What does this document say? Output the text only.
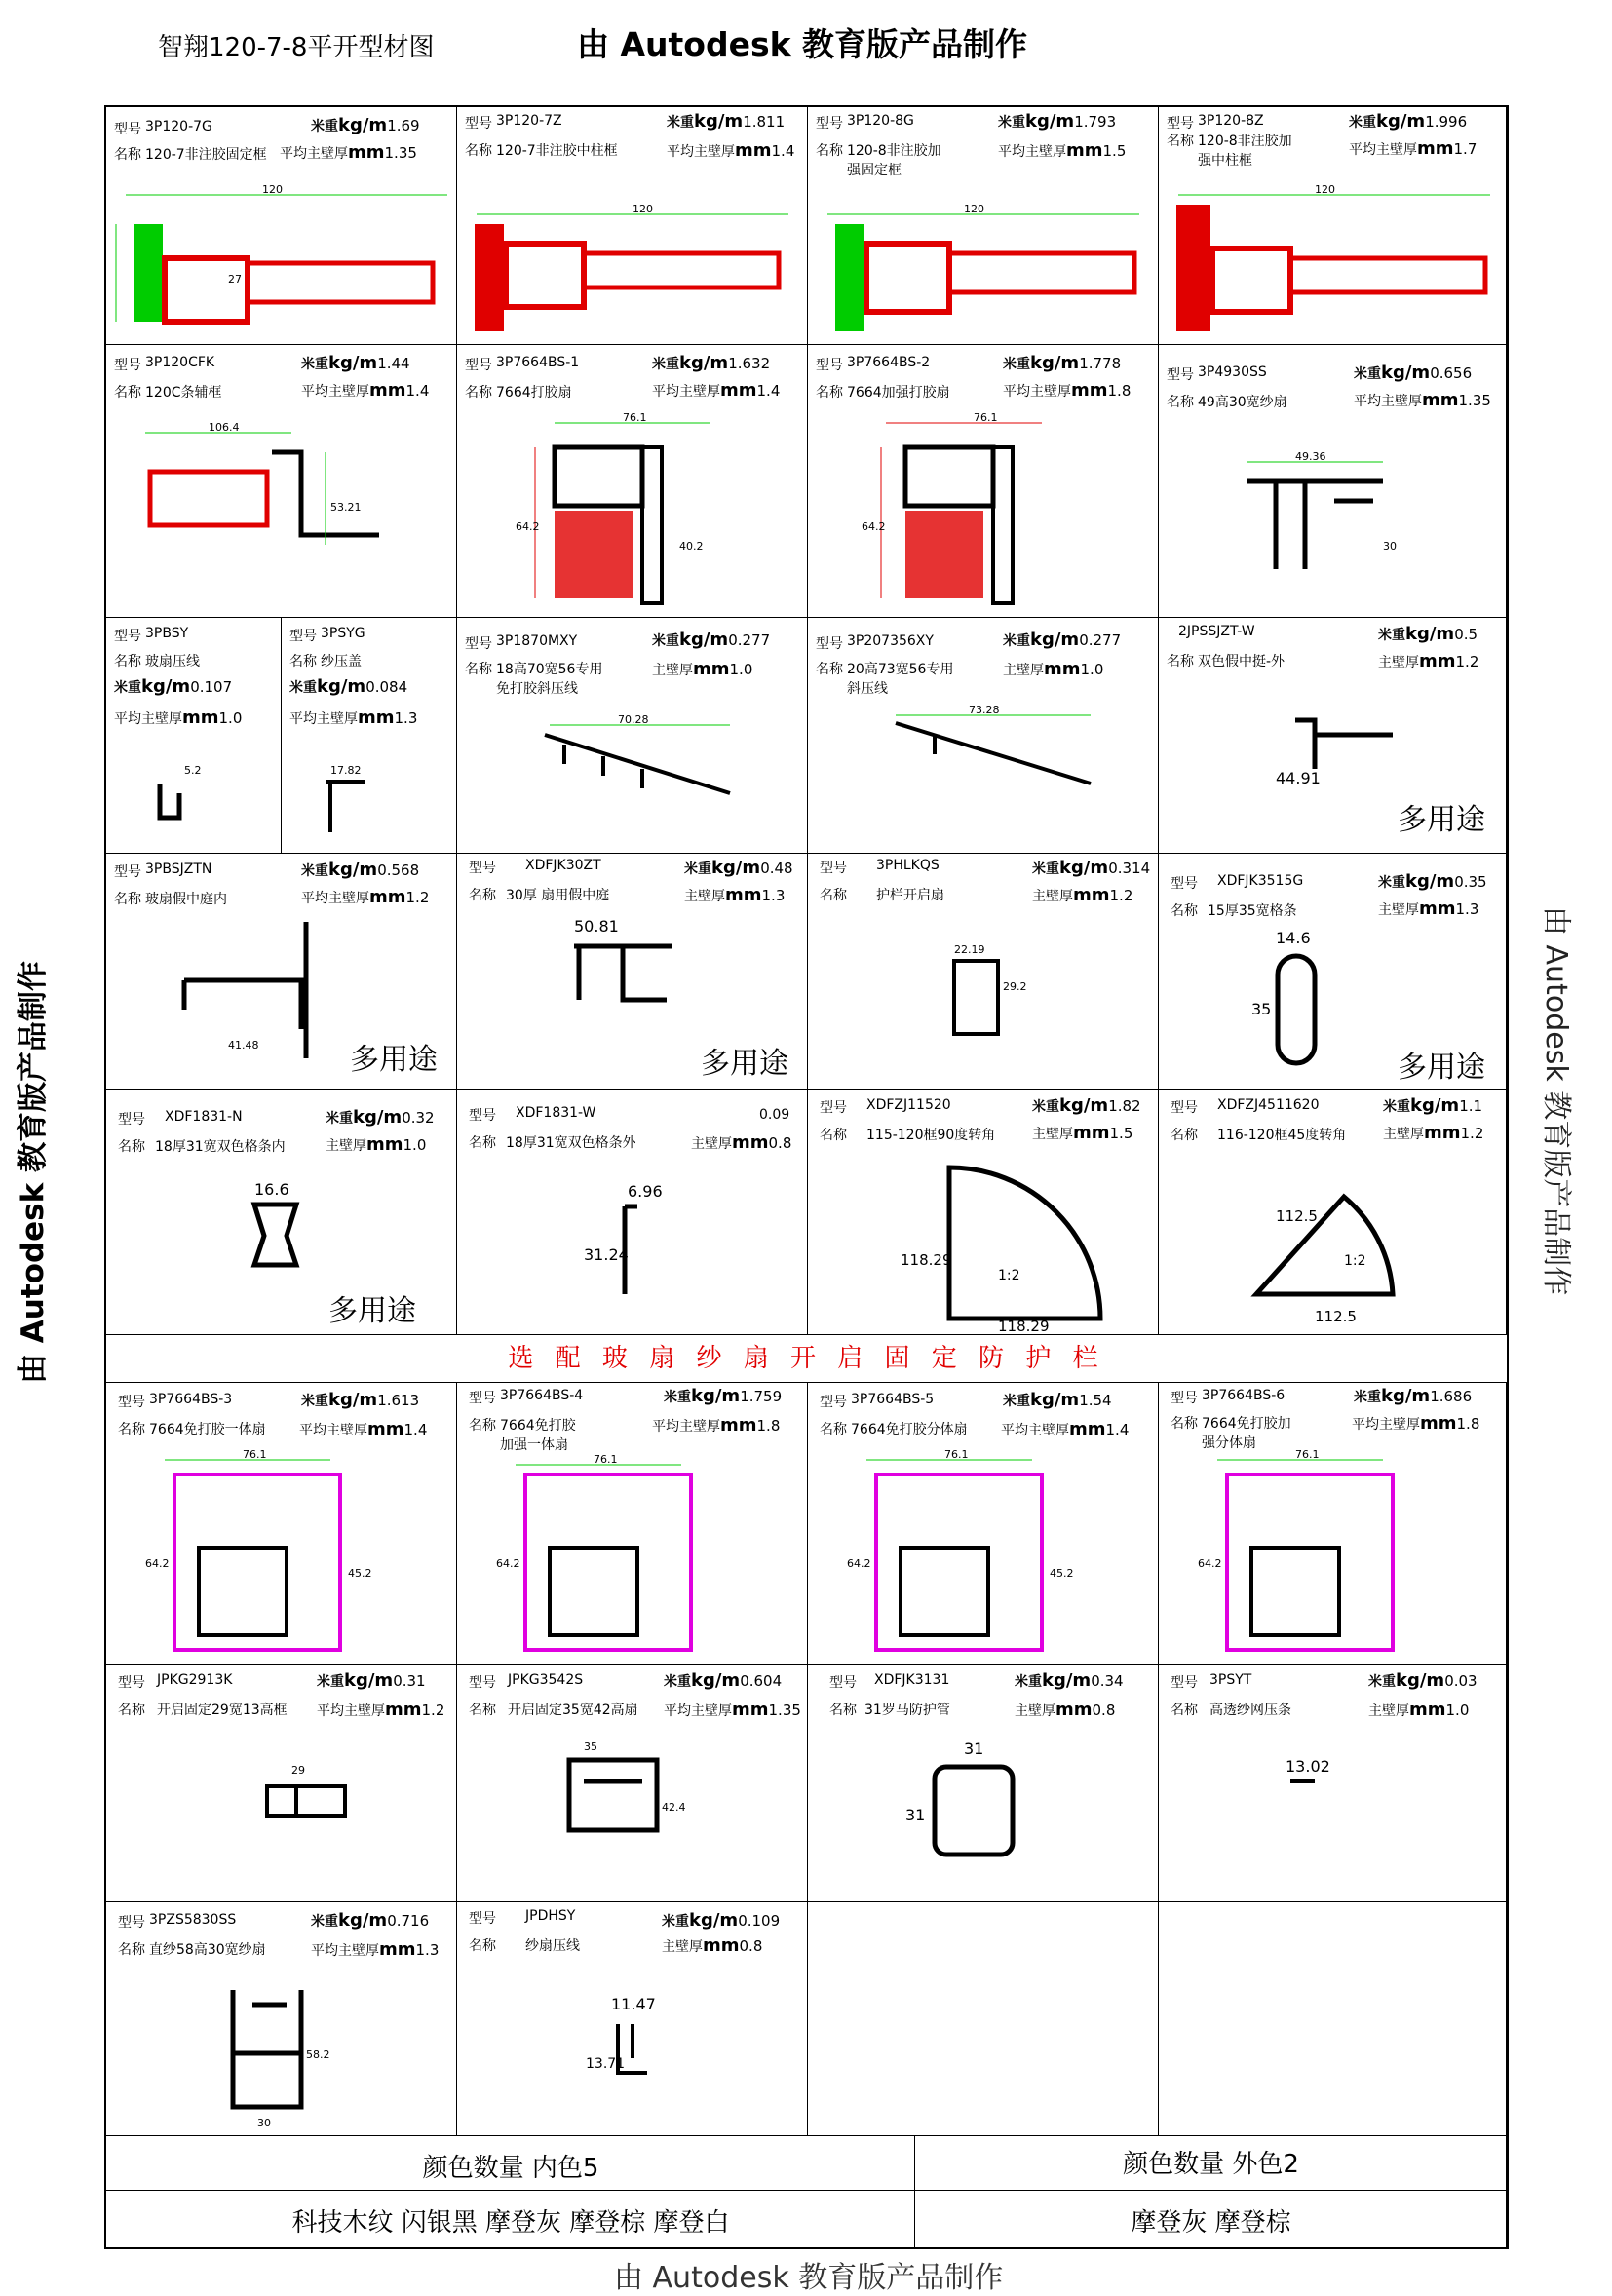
智翔120-7-8平开型材图	由 Autodesk 教育版产品制作
由 Autodesk 教育版产品制作	由 Autodesk 教育版产品制作
由 Autodesk 教育版产品制作
型号 3P120-7G
名称 120-7非注胶固定框
米重kg/m1.69
平均主壁厚mm1.35
120
27
型号 3P120-7Z
名称 120-7非注胶中柱框
米重kg/m1.811
平均主壁厚mm1.4
120
型号 3P120-8G
名称 120-8非注胶加强固定框
米重kg/m1.793
平均主壁厚mm1.5
120
型号 3P120-8Z
名称 120-8非注胶加强中柱框
米重kg/m1.996
平均主壁厚mm1.7
120
型号 3P120CFK
名称 120C条辅框
米重kg/m1.44
平均主壁厚mm1.4
106.4
53.21
型号 3P7664BS-1
名称 7664打胶扇
米重kg/m1.632
平均主壁厚mm1.4
76.1
64.2
40.2
型号 3P7664BS-2
名称 7664加强打胶扇
米重kg/m1.778
平均主壁厚mm1.8
76.1
64.2
型号 3P4930SS
名称 49高30宽纱扇
米重kg/m0.656
平均主壁厚mm1.35
49.36
30
型号 3PBSY
名称 玻扇压线
米重kg/m0.107
平均主壁厚mm1.0
5.2
型号 3PSYG
名称 纱压盖
米重kg/m0.084
平均主壁厚mm1.3
17.82
型号 3P1870MXY
名称 18高70宽56专用免打胶斜压线
米重kg/m0.277
主壁厚mm1.0
70.28
型号 3P207356XY
名称 20高73宽56专用斜压线
米重kg/m0.277
主壁厚mm1.0
73.28
2JPSSJZT-W
名称 双色假中挺-外
米重kg/m0.5
主壁厚mm1.2
44.91
多用途
型号 3PBSJZTN
名称 玻扇假中庭内
米重kg/m0.568
平均主壁厚mm1.2
41.48	多用途
型号 XDFJK30ZT
名称 30厚 扇用假中庭
米重kg/m0.48
主壁厚mm1.3
50.81
多用途
型号 3PHLKQS
名称 护栏开启扇
米重kg/m0.314
主壁厚mm1.2
22.19
29.2
型号 XDFJK3515G
名称 15厚35宽格条
米重kg/m0.35
主壁厚mm1.3
14.6
35
多用途
型号 XDF1831-N
名称 18厚31宽双色格条内
米重kg/m0.32
主壁厚mm1.0
16.6
多用途
型号 XDF1831-W
名称 18厚31宽双色格条外
0.09
主壁厚mm0.8
6.96
31.24
型号 XDFZJ11520
名称 115-120框90度转角
米重kg/m1.82
主壁厚mm1.5
1:2
118.29
118.29
型号 XDFZJ4511620
名称 116-120框45度转角
米重kg/m1.1
主壁厚mm1.2
1:2
112.5
112.5
选 配 玻 扇 纱 扇 开 启 固 定 防 护 栏
型号 3P7664BS-3
名称 7664免打胶一体扇
米重kg/m1.613
平均主壁厚mm1.4
76.1
64.2
45.2
型号 3P7664BS-4
名称 7664免打胶加强一体扇
米重kg/m1.759
平均主壁厚mm1.8
76.1
64.2
型号 3P7664BS-5
名称 7664免打胶分体扇
米重kg/m1.54
平均主壁厚mm1.4
76.1
64.2
45.2
型号 3P7664BS-6
名称 7664免打胶加强分体扇
米重kg/m1.686
平均主壁厚mm1.8
76.1
64.2
型号 JPKG2913K
名称 开启固定29宽13高框
米重kg/m0.31
平均主壁厚mm1.2
29
型号 JPKG3542S
名称 开启固定35宽42高扇
米重kg/m0.604
平均主壁厚mm1.35
35
42.4
型号 XDFJK3131
名称 31罗马防护管
米重kg/m0.34
主壁厚mm0.8
31
31
型号 3PSYT
名称 高透纱网压条
米重kg/m0.03
主壁厚mm1.0
13.02
型号 3PZS5830SS
名称 直纱58高30宽纱扇
米重kg/m0.716
平均主壁厚mm1.3
58.2
30
型号 JPDHSY
名称 纱扇压线
米重kg/m0.109
主壁厚mm0.8
11.47
13.71
颜色数量 内色5	颜色数量 外色2
科技木纹 闪银黑 摩登灰 摩登棕 摩登白	摩登灰 摩登棕
